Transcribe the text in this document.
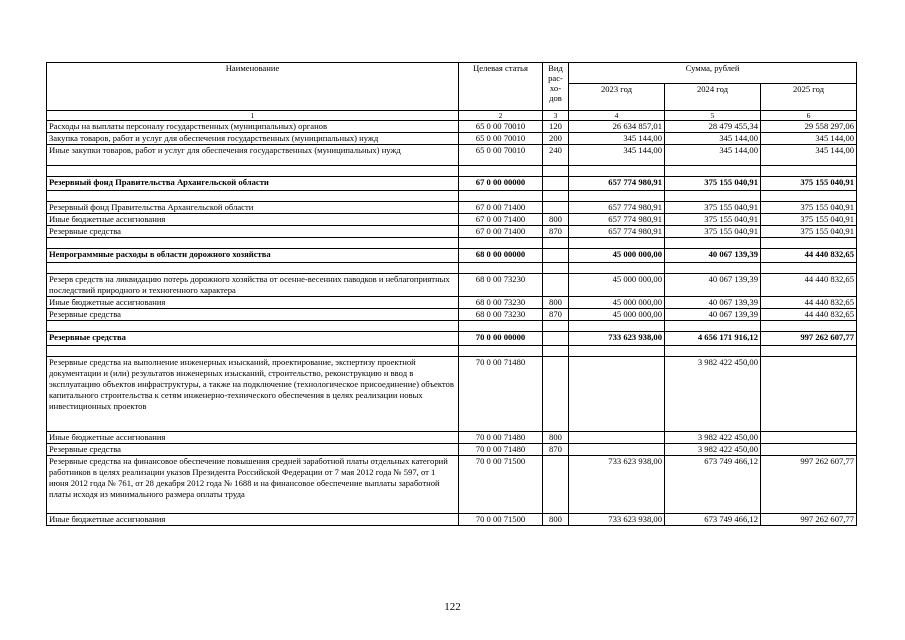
Наименование	Целевая статья	Вид рас-хо-дов	Сумма, рублей		
			2023 год	2024 год	2025 год
1	2	3	4	5	6
Расходы на выплаты персоналу государственных (муниципальных) органов	65 0 00 70010	120	26 634 857,01	28 479 455,34	29 558 297,06
Закупка товаров, работ и услуг для обеспечения государственных (муниципальных) нужд	65 0 00 70010	200	345 144,00	345 144,00	345 144,00
Иные закупки товаров, работ и услуг для обеспечения государственных (муниципальных) нужд	65 0 00 70010	240	345 144,00	345 144,00	345 144,00

Резервный фонд Правительства Архангельской области	67 0 00 00000		657 774 980,91	375 155 040,91	375 155 040,91

Резервный фонд Правительства Архангельской области	67 0 00 71400		657 774 980,91	375 155 040,91	375 155 040,91
Иные бюджетные ассигнования	67 0 00 71400	800	657 774 980,91	375 155 040,91	375 155 040,91
Резервные средства	67 0 00 71400	870	657 774 980,91	375 155 040,91	375 155 040,91

Непрограммные расходы в области дорожного хозяйства	68 0 00 00000		45 000 000,00	40 067 139,39	44 440 832,65

Резерв средств на ликвидацию потерь дорожного хозяйства от осенне-весенних паводков и неблагоприятных последствий природного и техногенного характера	68 0 00 73230		45 000 000,00	40 067 139,39	44 440 832,65
Иные бюджетные ассигнования	68 0 00 73230	800	45 000 000,00	40 067 139,39	44 440 832,65
Резервные средства	68 0 00 73230	870	45 000 000,00	40 067 139,39	44 440 832,65

Резервные средства	70 0 00 00000		733 623 938,00	4 656 171 916,12	997 262 607,77

Резервные средства на выполнение инженерных изысканий, проектирование, экспертизу проектной документации и (или) результатов инженерных изысканий, строительство, реконструкцию и ввод в эксплуатацию объектов инфраструктуры, а также на подключение (технологическое присоединение) объектов капитального строительства к сетям инженерно-технического обеспечения в целях реализации новых инвестиционных проектов	70 0 00 71480			3 982 422 450,00	
Иные бюджетные ассигнования	70 0 00 71480	800		3 982 422 450,00	
Резервные средства	70 0 00 71480	870		3 982 422 450,00	
Резервные средства на финансовое обеспечение повышения средней заработной платы отдельных категорий работников в целях реализации указов Президента Российской Федерации от 7 мая 2012 года № 597, от 1 июня 2012 года № 761, от 28 декабря 2012 года № 1688 и на финансовое обеспечение выплаты заработной платы исходя из минимального размера оплаты труда	70 0 00 71500		733 623 938,00	673 749 466,12	997 262 607,77
Иные бюджетные ассигнования	70 0 00 71500	800	733 623 938,00	673 749 466,12	997 262 607,77
122
